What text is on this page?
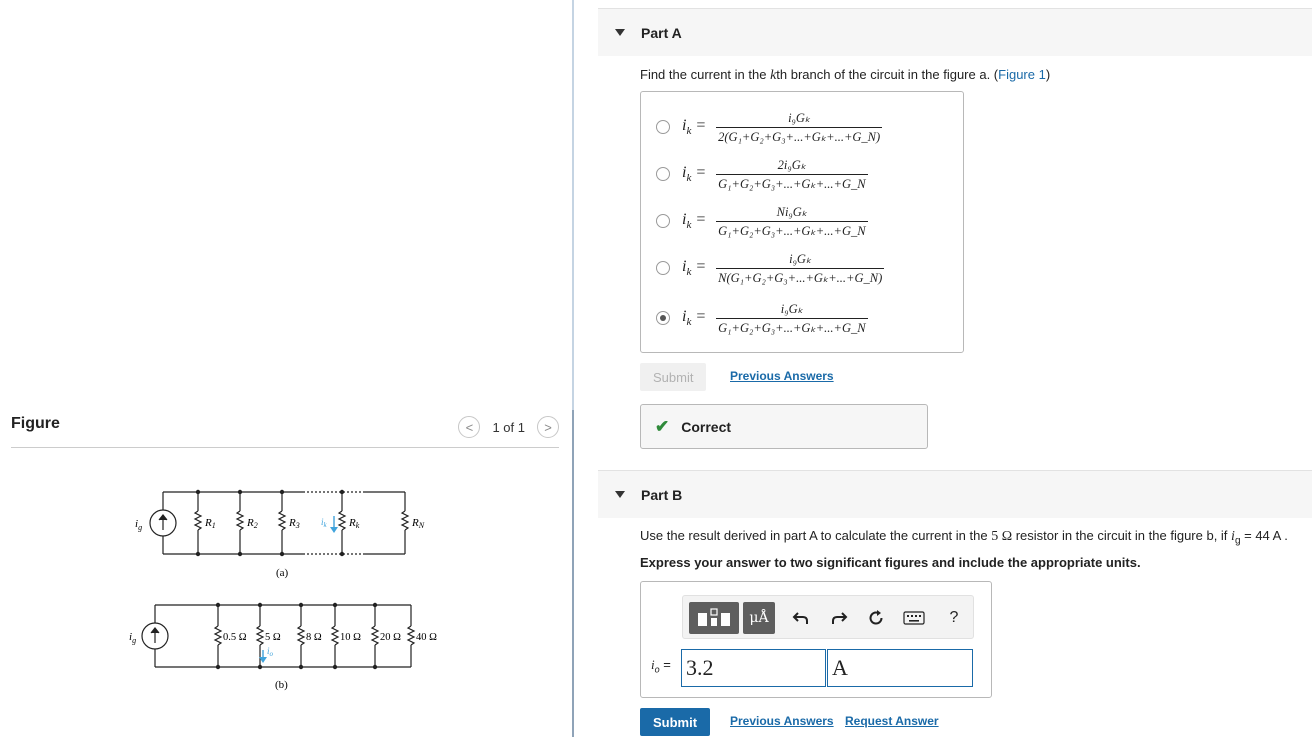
Figure	< 1 of 1 >
$i_g$	R1	R2	R3	Rk	RN
$i_k$
(a)
$i_g$	0.5 Ω 5 Ω 8 Ω 10 Ω 20 Ω 40 Ω
$i_o$
(b)
Part A
Find the current in the kth branch of the circuit in the figure a. (Figure 1)
$i_k = \frac{\text{i₉Gₖ}}{\text{2(G₁+G₂+G₃+...+Gₖ+...+G\_N)}}$
$i_k = \frac{\text{2i₉Gₖ}}{\text{G₁+G₂+G₃+...+Gₖ+...+G\_N}}$
$i_k = \frac{\text{Ni₉Gₖ}}{\text{G₁+G₂+G₃+...+Gₖ+...+G\_N}}$
$i_k = \frac{\text{i₉Gₖ}}{\text{N(G₁+G₂+G₃+...+Gₖ+...+G\_N)}}$
$i_k = \frac{\text{i₉Gₖ}}{\text{G₁+G₂+G₃+...+Gₖ+...+G\_N}}$
Submit	Previous Answers
✔ Correct
Part B
Use the result derived in part A to calculate the current in the 5 Ω resistor in the circuit in the figure b, if $i_g = 44$ A .
Express your answer to two significant figures and include the appropriate units.
μÅ	?
$i_o = 3.2$	A
Submit	Previous Answers Request Answer
